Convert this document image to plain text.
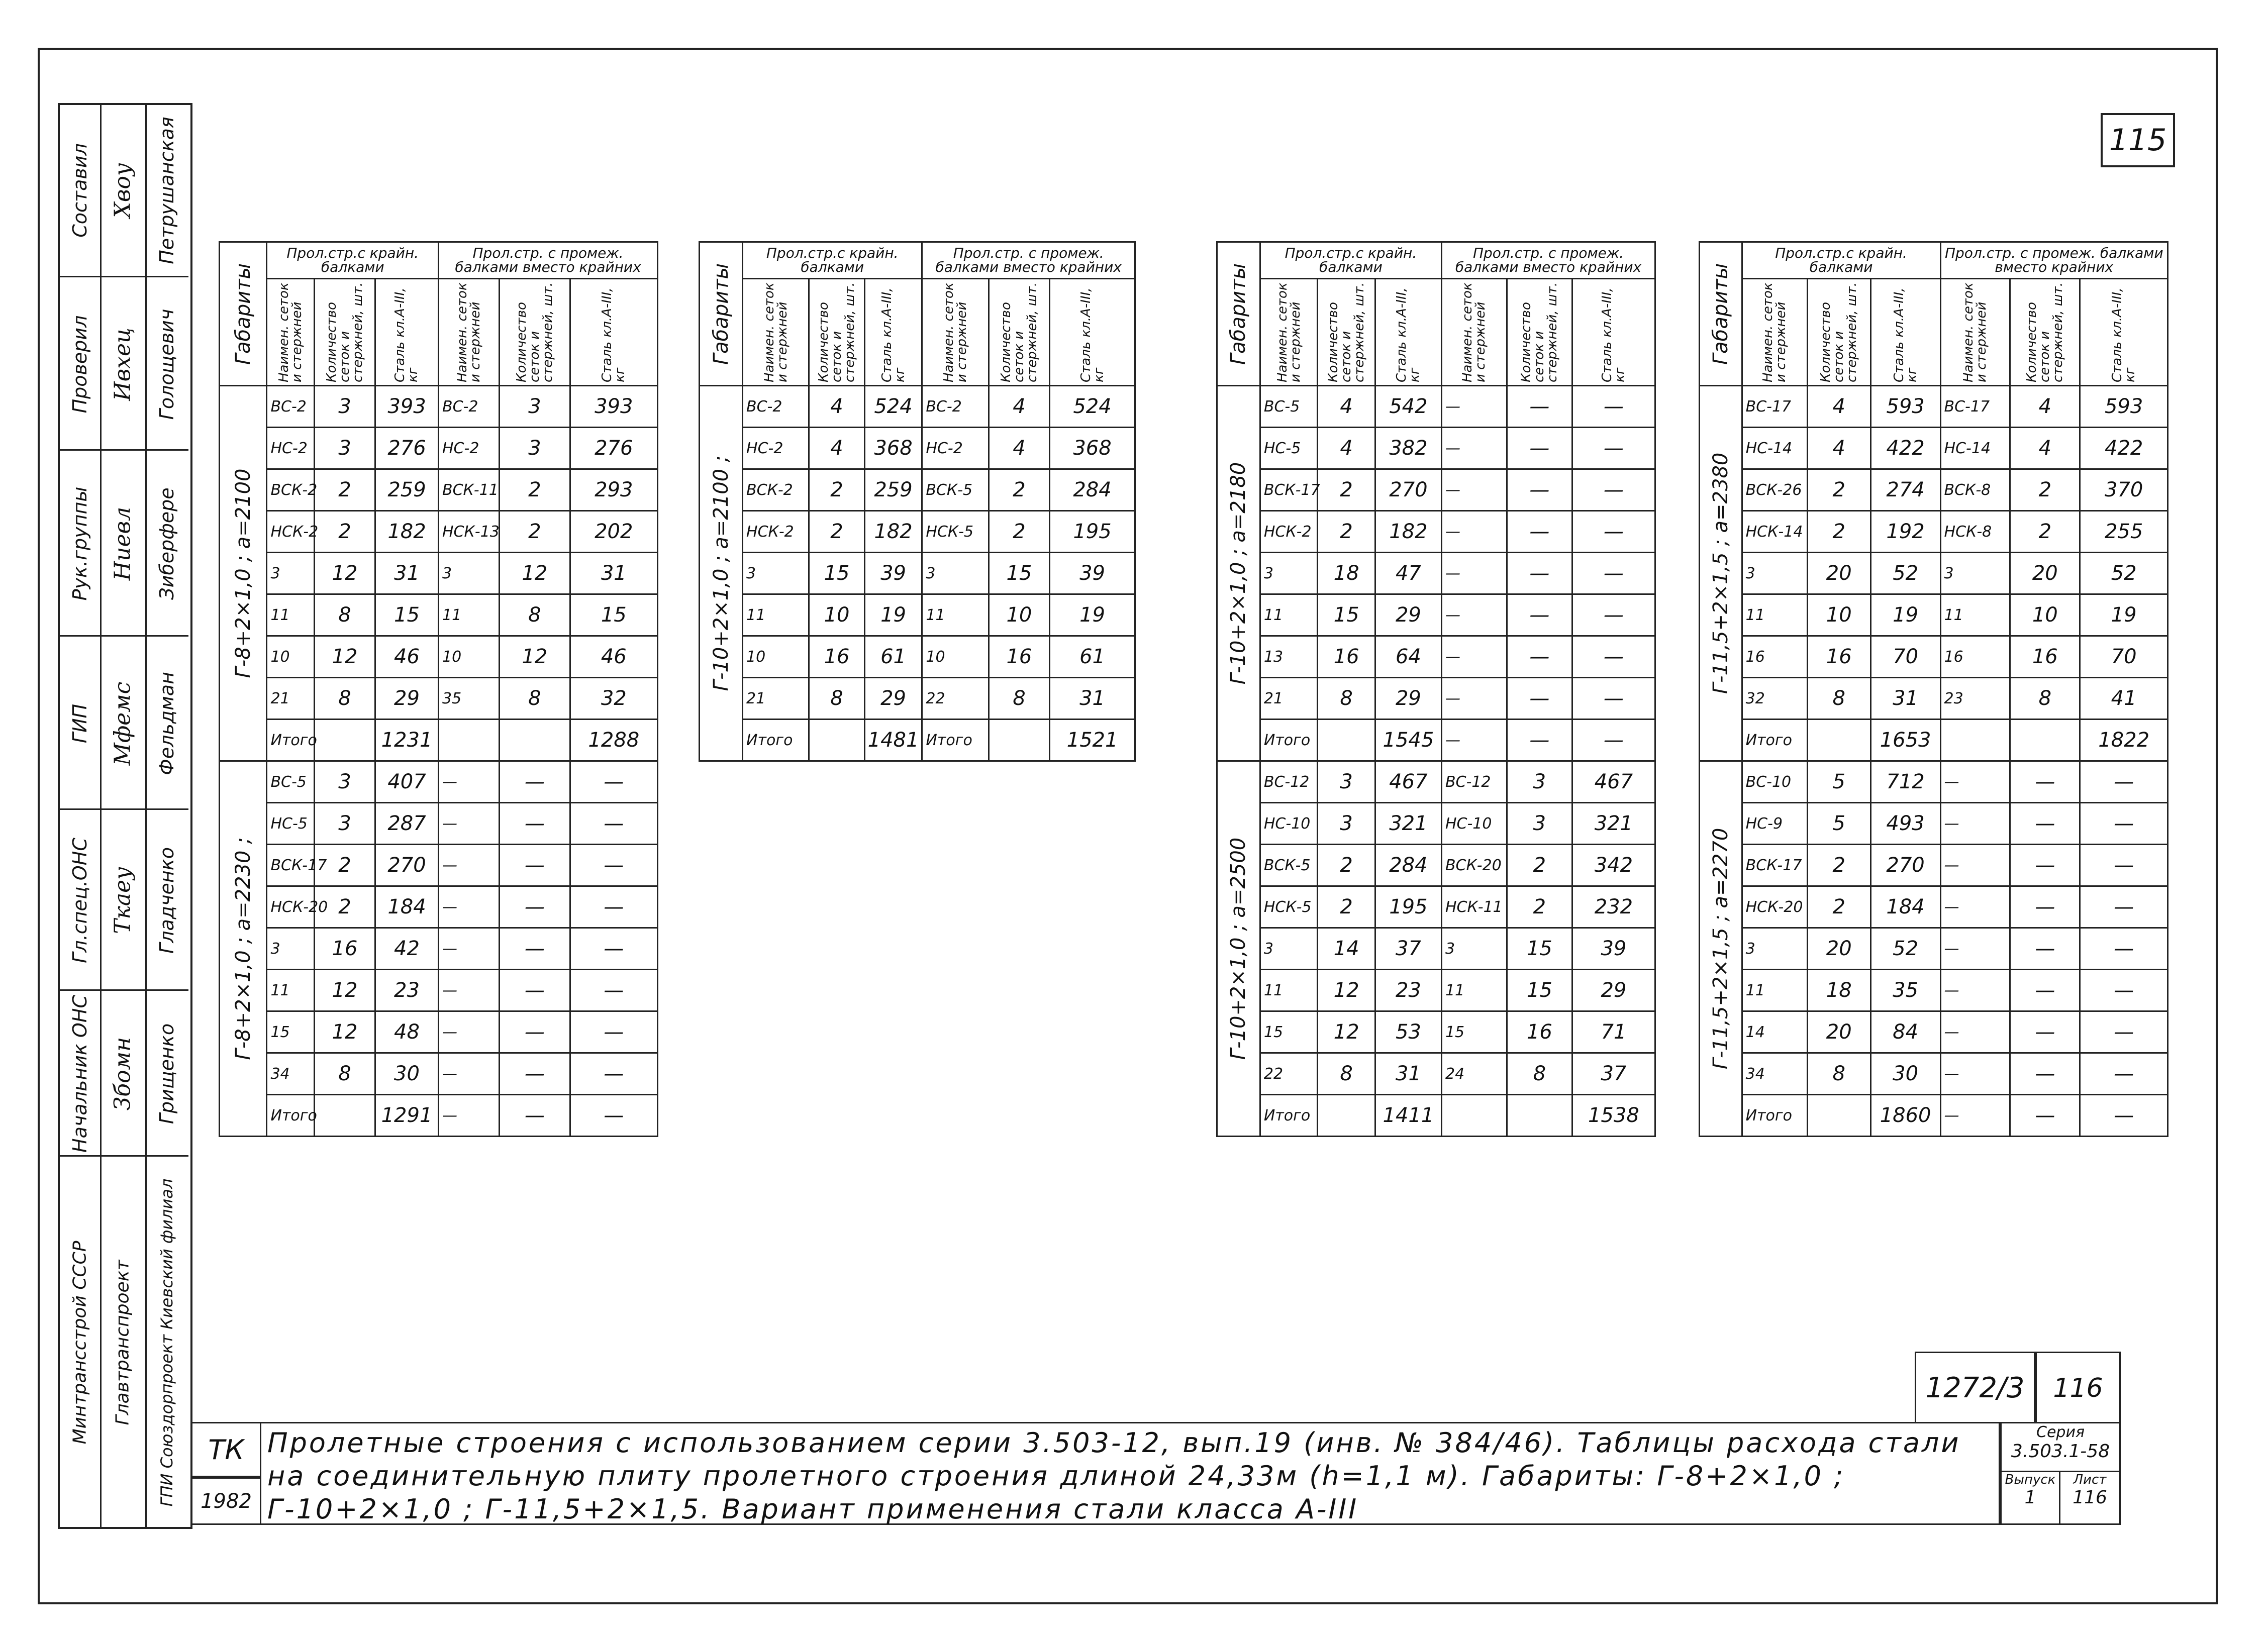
115
Составил
Проверил
Рук.группы
ГИП
Гл.спец.ОНС
Начальник ОНС
Минтрансстрой СССР
Хвоу
Ивхец
Ниевл
Мфемс
Ткаеу
Збомн
Главтранспроект
Петрушанская
Голощевич
Зиберфере
Фельдман
Гладченко
Грищенко
ГПИ Союздорпроект Киевский филиал
Габариты	Прол.стр.с крайн. балками			Прол.стр. с промеж. балками вместо крайних		

	Наимен. сеток и стержней	Количество сеток и стержней, шт.	Сталь кл.А-III, кг	Наимен. сеток и стержней	Количество сеток и стержней, шт.	Сталь кл.А-III, кг

Г-8+2×1,0 ; а=2100	ВС-2	3	393	ВС-2	3	393
	НС-2	3	276	НС-2	3	276
	ВСК-2	2	259	ВСК-11	2	293
	НСК-2	2	182	НСК-13	2	202
	3	12	31	3	12	31
	11	8	15	11	8	15
	10	12	46	10	12	46
	21	8	29	35	8	32
	Итого		1231			1288

Г-8+2×1,0 ; а=2230 ;	ВС-5	3	407	—	—	—
	НС-5	3	287	—	—	—
	ВСК-17	2	270	—	—	—
	НСК-20	2	184	—	—	—
	3	16	42	—	—	—
	11	12	23	—	—	—
	15	12	48	—	—	—
	34	8	30	—	—	—
	Итого		1291	—	—	—
Габариты	Прол.стр.с крайн. балками			Прол.стр. с промеж. балками вместо крайних		

	Наимен. сеток и стержней	Количество сеток и стержней, шт.	Сталь кл.А-III, кг	Наимен. сеток и стержней	Количество сеток и стержней, шт.	Сталь кл.А-III, кг

Г-10+2×1,0 ; а=2100 ;	ВС-2	4	524	ВС-2	4	524
	НС-2	4	368	НС-2	4	368
	ВСК-2	2	259	ВСК-5	2	284
	НСК-2	2	182	НСК-5	2	195
	3	15	39	3	15	39
	11	10	19	11	10	19
	10	16	61	10	16	61
	21	8	29	22	8	31
	Итого		1481	Итого		1521
Габариты	Прол.стр.с крайн. балками			Прол.стр. с промеж. балками вместо крайних		

	Наимен. сеток и стержней	Количество сеток и стержней, шт.	Сталь кл.А-III, кг	Наимен. сеток и стержней	Количество сеток и стержней, шт.	Сталь кл.А-III, кг

Г-10+2×1,0 ; а=2180	ВС-5	4	542	—	—	—
	НС-5	4	382	—	—	—
	ВСК-17	2	270	—	—	—
	НСК-2	2	182	—	—	—
	3	18	47	—	—	—
	11	15	29	—	—	—
	13	16	64	—	—	—
	21	8	29	—	—	—
	Итого		1545	—	—	—

Г-10+2×1,0 ; а=2500	ВС-12	3	467	ВС-12	3	467
	НС-10	3	321	НС-10	3	321
	ВСК-5	2	284	ВСК-20	2	342
	НСК-5	2	195	НСК-11	2	232
	3	14	37	3	15	39
	11	12	23	11	15	29
	15	12	53	15	16	71
	22	8	31	24	8	37
	Итого		1411			1538
Габариты	Прол.стр.с крайн. балками			Прол.стр. с промеж. балками вместо крайних		

	Наимен. сеток и стержней	Количество сеток и стержней, шт.	Сталь кл.А-III, кг	Наимен. сеток и стержней	Количество сеток и стержней, шт.	Сталь кл.А-III, кг

Г-11,5+2×1,5 ; а=2380	ВС-17	4	593	ВС-17	4	593
	НС-14	4	422	НС-14	4	422
	ВСК-26	2	274	ВСК-8	2	370
	НСК-14	2	192	НСК-8	2	255
	3	20	52	3	20	52
	11	10	19	11	10	19
	16	16	70	16	16	70
	32	8	31	23	8	41
	Итого		1653			1822

Г-11,5+2×1,5 ; а=2270	ВС-10	5	712	—	—	—
	НС-9	5	493	—	—	—
	ВСК-17	2	270	—	—	—
	НСК-20	2	184	—	—	—
	3	20	52	—	—	—
	11	18	35	—	—	—
	14	20	84	—	—	—
	34	8	30	—	—	—
	Итого		1860	—	—	—
ТК
1982
Пролетные строения с использованием серии 3.503-12, вып.19 (инв. № 384/46). Таблицы расхода стали на соединительную плиту пролетного строения длиной 24,33м (h=1,1 м). Габариты: Г-8+2×1,0 ; Г-10+2×1,0 ; Г-11,5+2×1,5. Вариант применения стали класса А-III
1272/3	116
Серия
3.503.1-58
Выпуск
1
Лист
116
